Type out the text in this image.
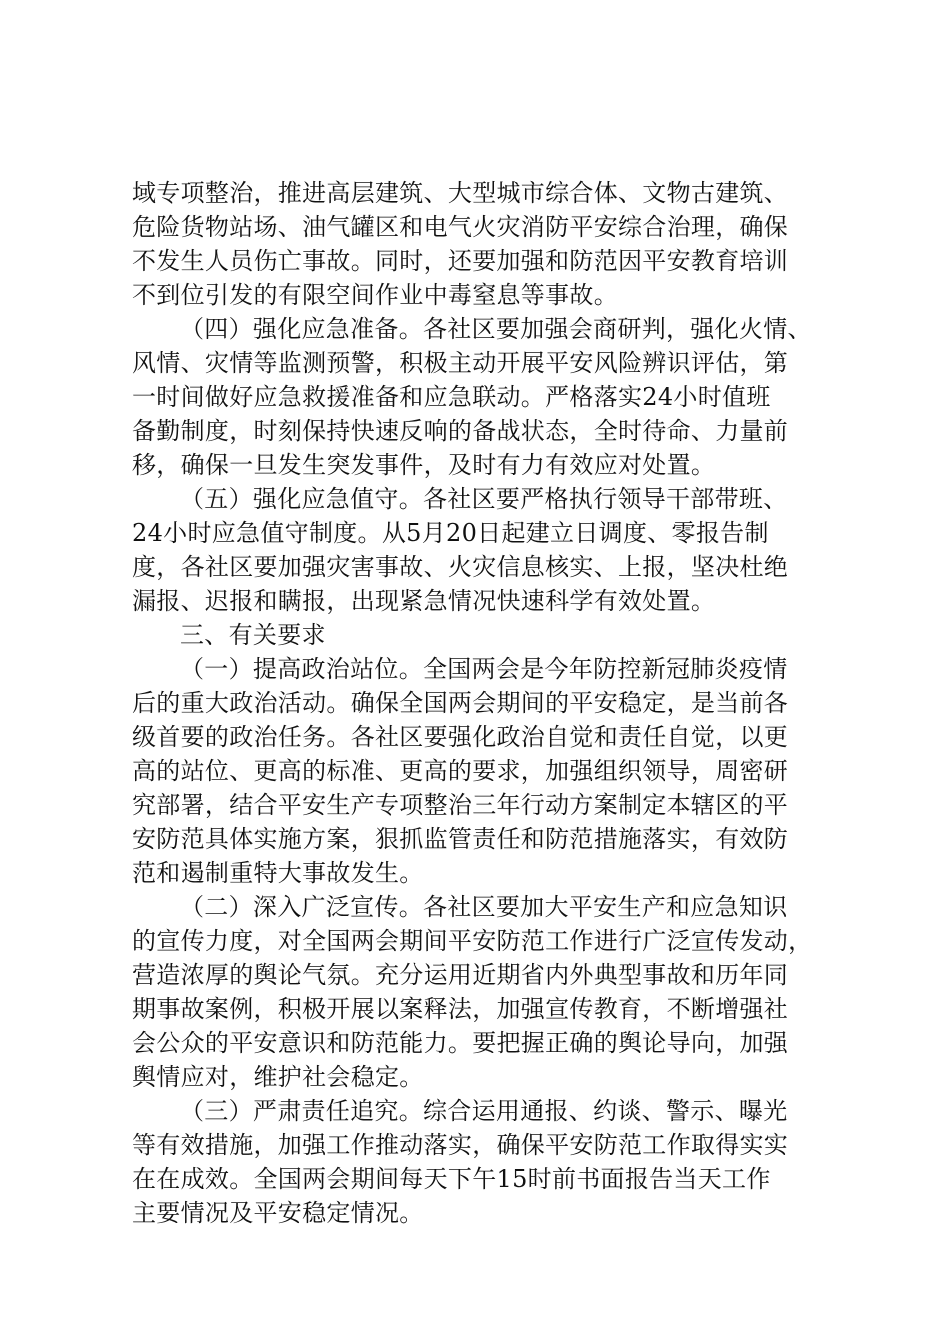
域专项整治，推进高层建筑、大型城市综合体、文物古建筑、
危险货物站场、油气罐区和电气火灾消防平安综合治理，确保
不发生人员伤亡事故。同时，还要加强和防范因平安教育培训
不到位引发的有限空间作业中毒窒息等事故。
（四）强化应急准备。各社区要加强会商研判，强化火情、
风情、灾情等监测预警，积极主动开展平安风险辨识评估，第
一时间做好应急救援准备和应急联动。严格落实24小时值班
备勤制度，时刻保持快速反响的备战状态，全时待命、力量前
移，确保一旦发生突发事件，及时有力有效应对处置。
（五）强化应急值守。各社区要严格执行领导干部带班、
24小时应急值守制度。从5月20日起建立日调度、零报告制
度，各社区要加强灾害事故、火灾信息核实、上报，坚决杜绝
漏报、迟报和瞒报，出现紧急情况快速科学有效处置。
三、有关要求
（一）提高政治站位。全国两会是今年防控新冠肺炎疫情
后的重大政治活动。确保全国两会期间的平安稳定，是当前各
级首要的政治任务。各社区要强化政治自觉和责任自觉，以更
高的站位、更高的标准、更高的要求，加强组织领导，周密研
究部署，结合平安生产专项整治三年行动方案制定本辖区的平
安防范具体实施方案，狠抓监管责任和防范措施落实，有效防
范和遏制重特大事故发生。
（二）深入广泛宣传。各社区要加大平安生产和应急知识
的宣传力度，对全国两会期间平安防范工作进行广泛宣传发动，
营造浓厚的舆论气氛。充分运用近期省内外典型事故和历年同
期事故案例，积极开展以案释法，加强宣传教育，不断增强社
会公众的平安意识和防范能力。要把握正确的舆论导向，加强
舆情应对，维护社会稳定。
（三）严肃责任追究。综合运用通报、约谈、警示、曝光
等有效措施，加强工作推动落实，确保平安防范工作取得实实
在在成效。全国两会期间每天下午15时前书面报告当天工作
主要情况及平安稳定情况。
